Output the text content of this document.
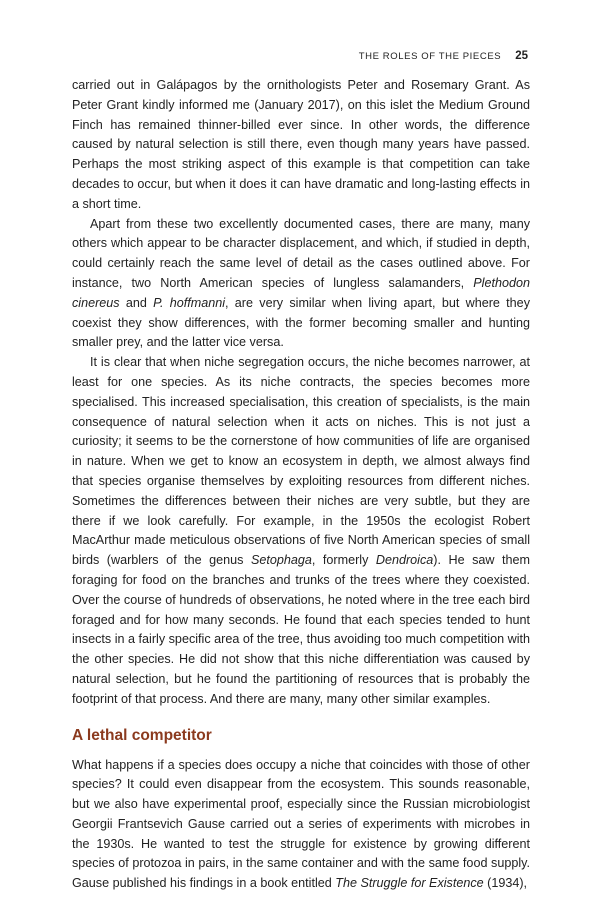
THE ROLES OF THE PIECES 25

carried out in Galápagos by the ornithologists Peter and Rosemary Grant. As Peter Grant kindly informed me (January 2017), on this islet the Medium Ground Finch has remained thinner-billed ever since. In other words, the difference caused by natural selection is still there, even though many years have passed. Perhaps the most striking aspect of this example is that competition can take decades to occur, but when it does it can have dramatic and long-lasting effects in a short time.

Apart from these two excellently documented cases, there are many, many others which appear to be character displacement, and which, if studied in depth, could certainly reach the same level of detail as the cases outlined above. For instance, two North American species of lungless salamanders, Plethodon cinereus and P. hoffmanni, are very similar when living apart, but where they coexist they show differences, with the former becoming smaller and hunting smaller prey, and the latter vice versa.

It is clear that when niche segregation occurs, the niche becomes narrower, at least for one species. As its niche contracts, the species becomes more specialised. This increased specialisation, this creation of specialists, is the main consequence of natural selection when it acts on niches. This is not just a curiosity; it seems to be the cornerstone of how communities of life are organised in nature. When we get to know an ecosystem in depth, we almost always find that species organise themselves by exploiting resources from different niches. Sometimes the differences between their niches are very subtle, but they are there if we look carefully. For example, in the 1950s the ecologist Robert MacArthur made meticulous observations of five North American species of small birds (warblers of the genus Setophaga, formerly Dendroica). He saw them foraging for food on the branches and trunks of the trees where they coexisted. Over the course of hundreds of observations, he noted where in the tree each bird foraged and for how many seconds. He found that each species tended to hunt insects in a fairly specific area of the tree, thus avoiding too much competition with the other species. He did not show that this niche differentiation was caused by natural selection, but he found the partitioning of resources that is probably the footprint of that process. And there are many, many other similar examples.

A lethal competitor

What happens if a species does occupy a niche that coincides with those of other species? It could even disappear from the ecosystem. This sounds reasonable, but we also have experimental proof, especially since the Russian microbiologist Georgii Frantsevich Gause carried out a series of experiments with microbes in the 1930s. He wanted to test the struggle for existence by growing different species of protozoa in pairs, in the same container and with the same food supply. Gause published his findings in a book entitled The Struggle for Existence (1934),
